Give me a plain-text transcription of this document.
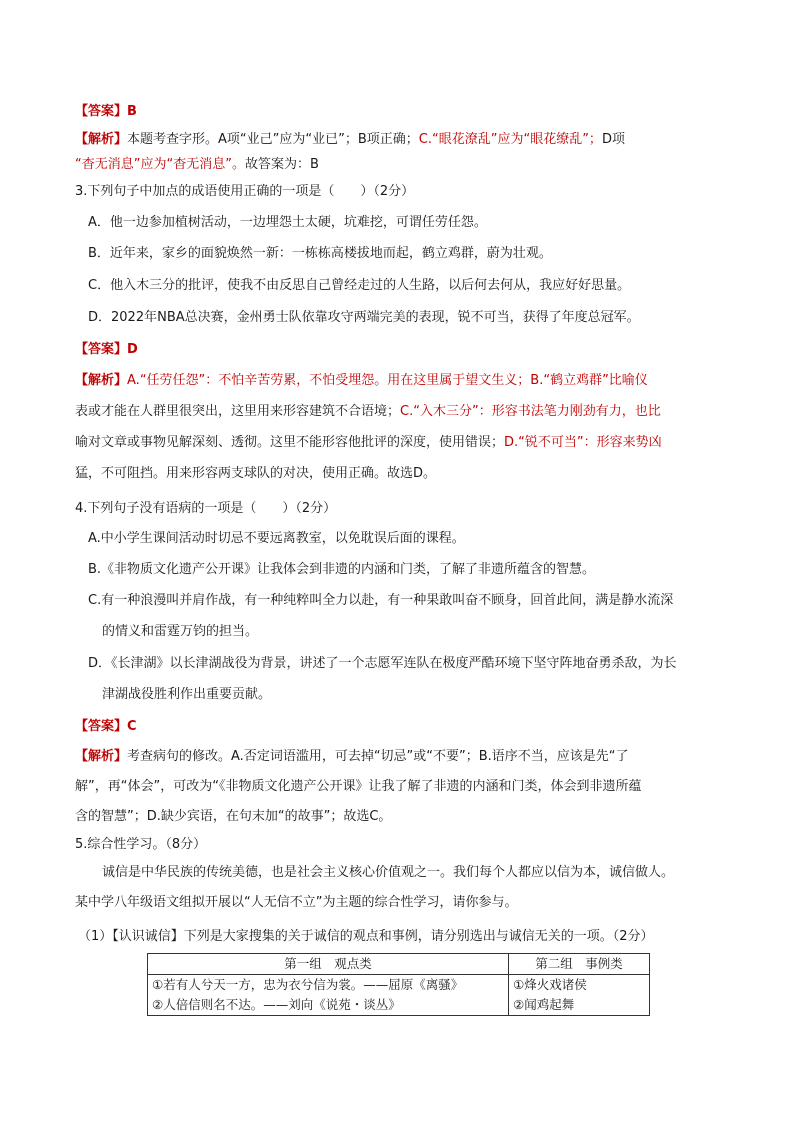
【答案】B
【解析】本题考查字形。A项“业己”应为“业已”；B项正确；C.“眼花潦乱”应为“眼花缭乱”；D项
“杳无消息”应为“杳无消息”。故答案为：B
3.下列句子中加点的成语使用正确的一项是（　　）（2分）
A．他一边参加植树活动，一边埋怨土太硬，坑难挖，可谓任劳任怨。
B．近年来，家乡的面貌焕然一新：一栋栋高楼拔地而起，鹤立鸡群，蔚为壮观。
C．他入木三分的批评，使我不由反思自己曾经走过的人生路，以后何去何从，我应好好思量。
D．2022年NBA总决赛，金州勇士队依靠攻守两端完美的表现，锐不可当，获得了年度总冠军。
【答案】D
【解析】A.“任劳任怨”：不怕辛苦劳累，不怕受埋怨。用在这里属于望文生义；B.“鹤立鸡群”比喻仪
表或才能在人群里很突出，这里用来形容建筑不合语境；C.“入木三分”：形容书法笔力刚劲有力，也比
喻对文章或事物见解深刻、透彻。这里不能形容他批评的深度，使用错误；D.“锐不可当”：形容来势凶
猛，不可阻挡。用来形容两支球队的对决，使用正确。故选D。
4.下列句子没有语病的一项是（　　）（2分）
A.中小学生课间活动时切忌不要远离教室，以免耽误后面的课程。
B.《非物质文化遗产公开课》让我体会到非遗的内涵和门类，了解了非遗所蕴含的智慧。
C.有一种浪漫叫并肩作战，有一种纯粹叫全力以赴，有一种果敢叫奋不顾身，回首此间，满是静水流深
的情义和雷霆万钧的担当。
D．《长津湖》以长津湖战役为背景，讲述了一个志愿军连队在极度严酷环境下坚守阵地奋勇杀敌，为长
津湖战役胜利作出重要贡献。
【答案】C
【解析】考查病句的修改。A.否定词语滥用，可去掉“切忌”或“不要”；B.语序不当，应该是先“了
解”，再“体会”，可改为“《非物质文化遗产公开课》让我了解了非遗的内涵和门类，体会到非遗所蕴
含的智慧”；D.缺少宾语，在句末加“的故事”；故选C。
5.综合性学习。（8分）
诚信是中华民族的传统美德，也是社会主义核心价值观之一。我们每个人都应以信为本，诚信做人。
某中学八年级语文组拟开展以“人无信不立”为主题的综合性学习，请你参与。
（1）【认识诚信】下列是大家搜集的关于诚信的观点和事例，请分别选出与诚信无关的一项。（2分）
第一组　观点类	第二组　事例类
①若有人兮天一方，忠为衣兮信为裳。——屈原《离骚》	①烽火戏诸侯
②人倍信则名不达。——刘向《说苑・谈丛》	②闻鸡起舞
